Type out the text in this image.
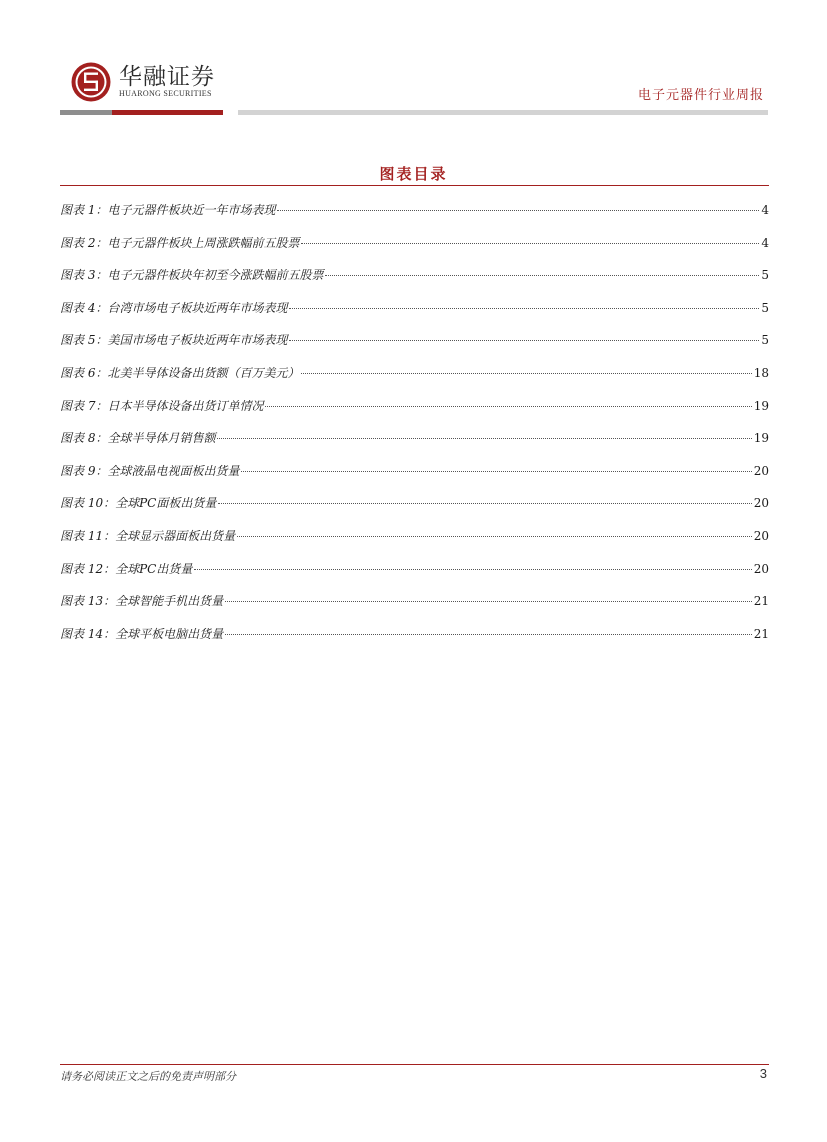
华融证券
HUARONG SECURITIES	电子元器件行业周报
图表目录
图表 1：电子元器件板块近一年市场表现	4
图表 2：电子元器件板块上周涨跌幅前五股票	4
图表 3：电子元器件板块年初至今涨跌幅前五股票	5
图表 4：台湾市场电子板块近两年市场表现	5
图表 5：美国市场电子板块近两年市场表现	5
图表 6：北美半导体设备出货额（百万美元）	18
图表 7：日本半导体设备出货订单情况	19
图表 8：全球半导体月销售额	19
图表 9：全球液晶电视面板出货量	20
图表 10：全球PC面板出货量	20
图表 11：全球显示器面板出货量	20
图表 12：全球PC出货量	20
图表 13：全球智能手机出货量	21
图表 14：全球平板电脑出货量	21
请务必阅读正文之后的免责声明部分	3
